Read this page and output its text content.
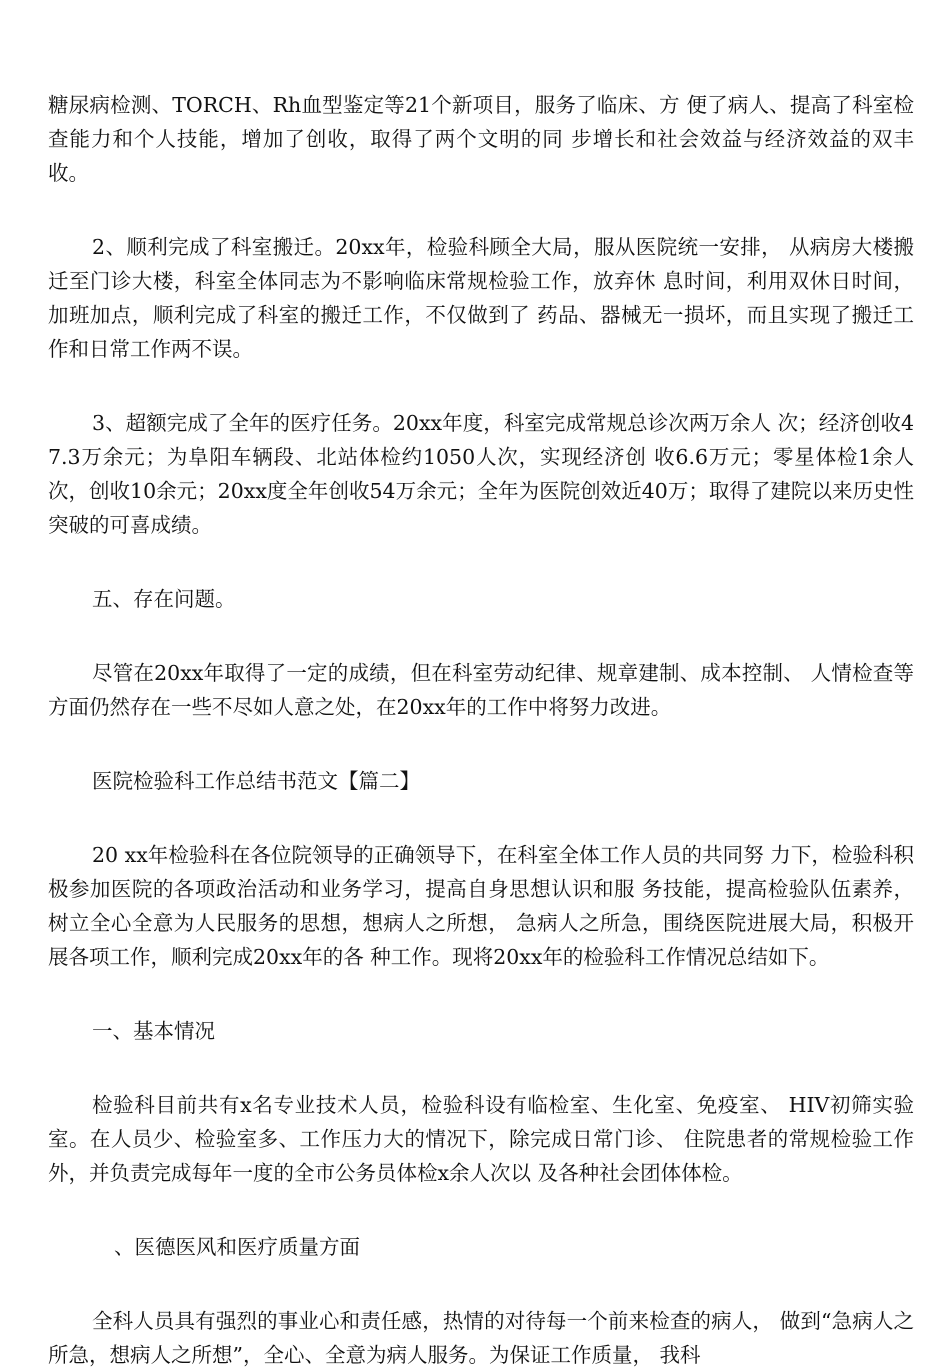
糖尿病检测、TORCH、Rh血型鉴定等21个新项目，服务了临床、方 便了病人、提高了科室检查能力和个人技能，增加了创收，取得了两个文明的同 步增长和社会效益与经济效益的双丰收。

2、顺利完成了科室搬迁。20xx年，检验科顾全大局，服从医院统一安排， 从病房大楼搬迁至门诊大楼，科室全体同志为不影响临床常规检验工作，放弃休 息时间，利用双休日时间，加班加点，顺利完成了科室的搬迁工作，不仅做到了 药品、器械无一损坏，而且实现了搬迁工作和日常工作两不误。

3、超额完成了全年的医疗任务。20xx年度，科室完成常规总诊次两万余人 次；经济创收47.3万余元；为阜阳车辆段、北站体检约1050人次，实现经济创 收6.6万元；零星体检1余人次，创收10余元；20xx度全年创收54万余元；全年为医院创效近40万；取得了建院以来历史性突破的可喜成绩。

五、存在问题。

尽管在20xx年取得了一定的成绩，但在科室劳动纪律、规章建制、成本控制、 人情检查等方面仍然存在一些不尽如人意之处，在20xx年的工作中将努力改进。

医院检验科工作总结书范文【篇二】

20 xx年检验科在各位院领导的正确领导下，在科室全体工作人员的共同努 力下，检验科积极参加医院的各项政治活动和业务学习，提高自身思想认识和服 务技能，提高检验队伍素养，树立全心全意为人民服务的思想，想病人之所想， 急病人之所急，围绕医院进展大局，积极开展各项工作，顺利完成20xx年的各 种工作。现将20xx年的检验科工作情况总结如下。

一、基本情况

检验科目前共有x名专业技术人员，检验科设有临检室、生化室、免疫室、 HIV初筛实验室。在人员少、检验室多、工作压力大的情况下，除完成日常门诊、 住院患者的常规检验工作外，并负责完成每年一度的全市公务员体检x余人次以 及各种社会团体体检。

、医德医风和医疗质量方面

全科人员具有强烈的事业心和责任感，热情的对待每一个前来检查的病人， 做到“急病人之所急，想病人之所想”，全心、全意为病人服务。为保证工作质量， 我科
